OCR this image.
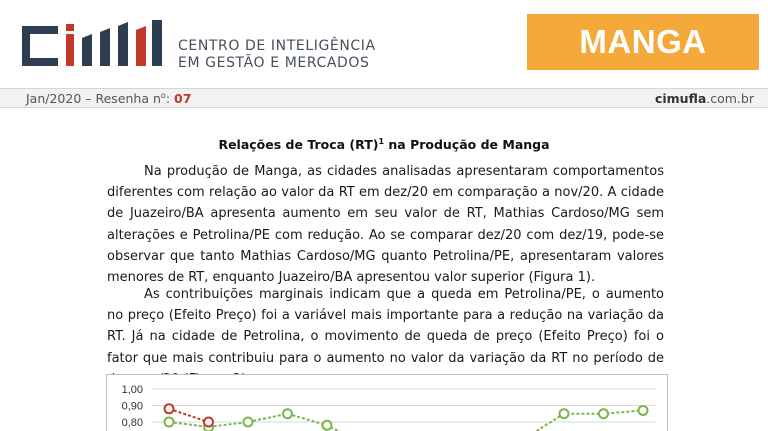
CENTRO DE INTELIGÊNCIA
EM GESTÃO E MERCADOS
MANGA
Jan/2020 – Resenha $n^o$: 07	cimufla.com.br
Relações de Troca (RT)$^1$ na Produção de Manga
Na produção de Manga, as cidades analisadas apresentaram comportamentos diferentes com relação ao valor da RT em dez/20 em comparação a nov/20. A cidade de Juazeiro/BA apresenta aumento em seu valor de RT, Mathias Cardoso/MG sem alterações e Petrolina/PE com redução. Ao se comparar dez/20 com dez/19, pode-se observar que tanto Mathias Cardoso/MG quanto Petrolina/PE, apresentaram valores menores de RT, enquanto Juazeiro/BA apresentou valor superior (Figura 1).
As contribuições marginais indicam que a queda em Petrolina/PE, o aumento no preço (Efeito Preço) foi a variável mais importante para a redução na variação da RT. Já na cidade de Petrolina, o movimento de queda de preço (Efeito Preço) foi o fator que mais contribuiu para o aumento no valor da variação da RT no período de
1,00
0,90
0,80
